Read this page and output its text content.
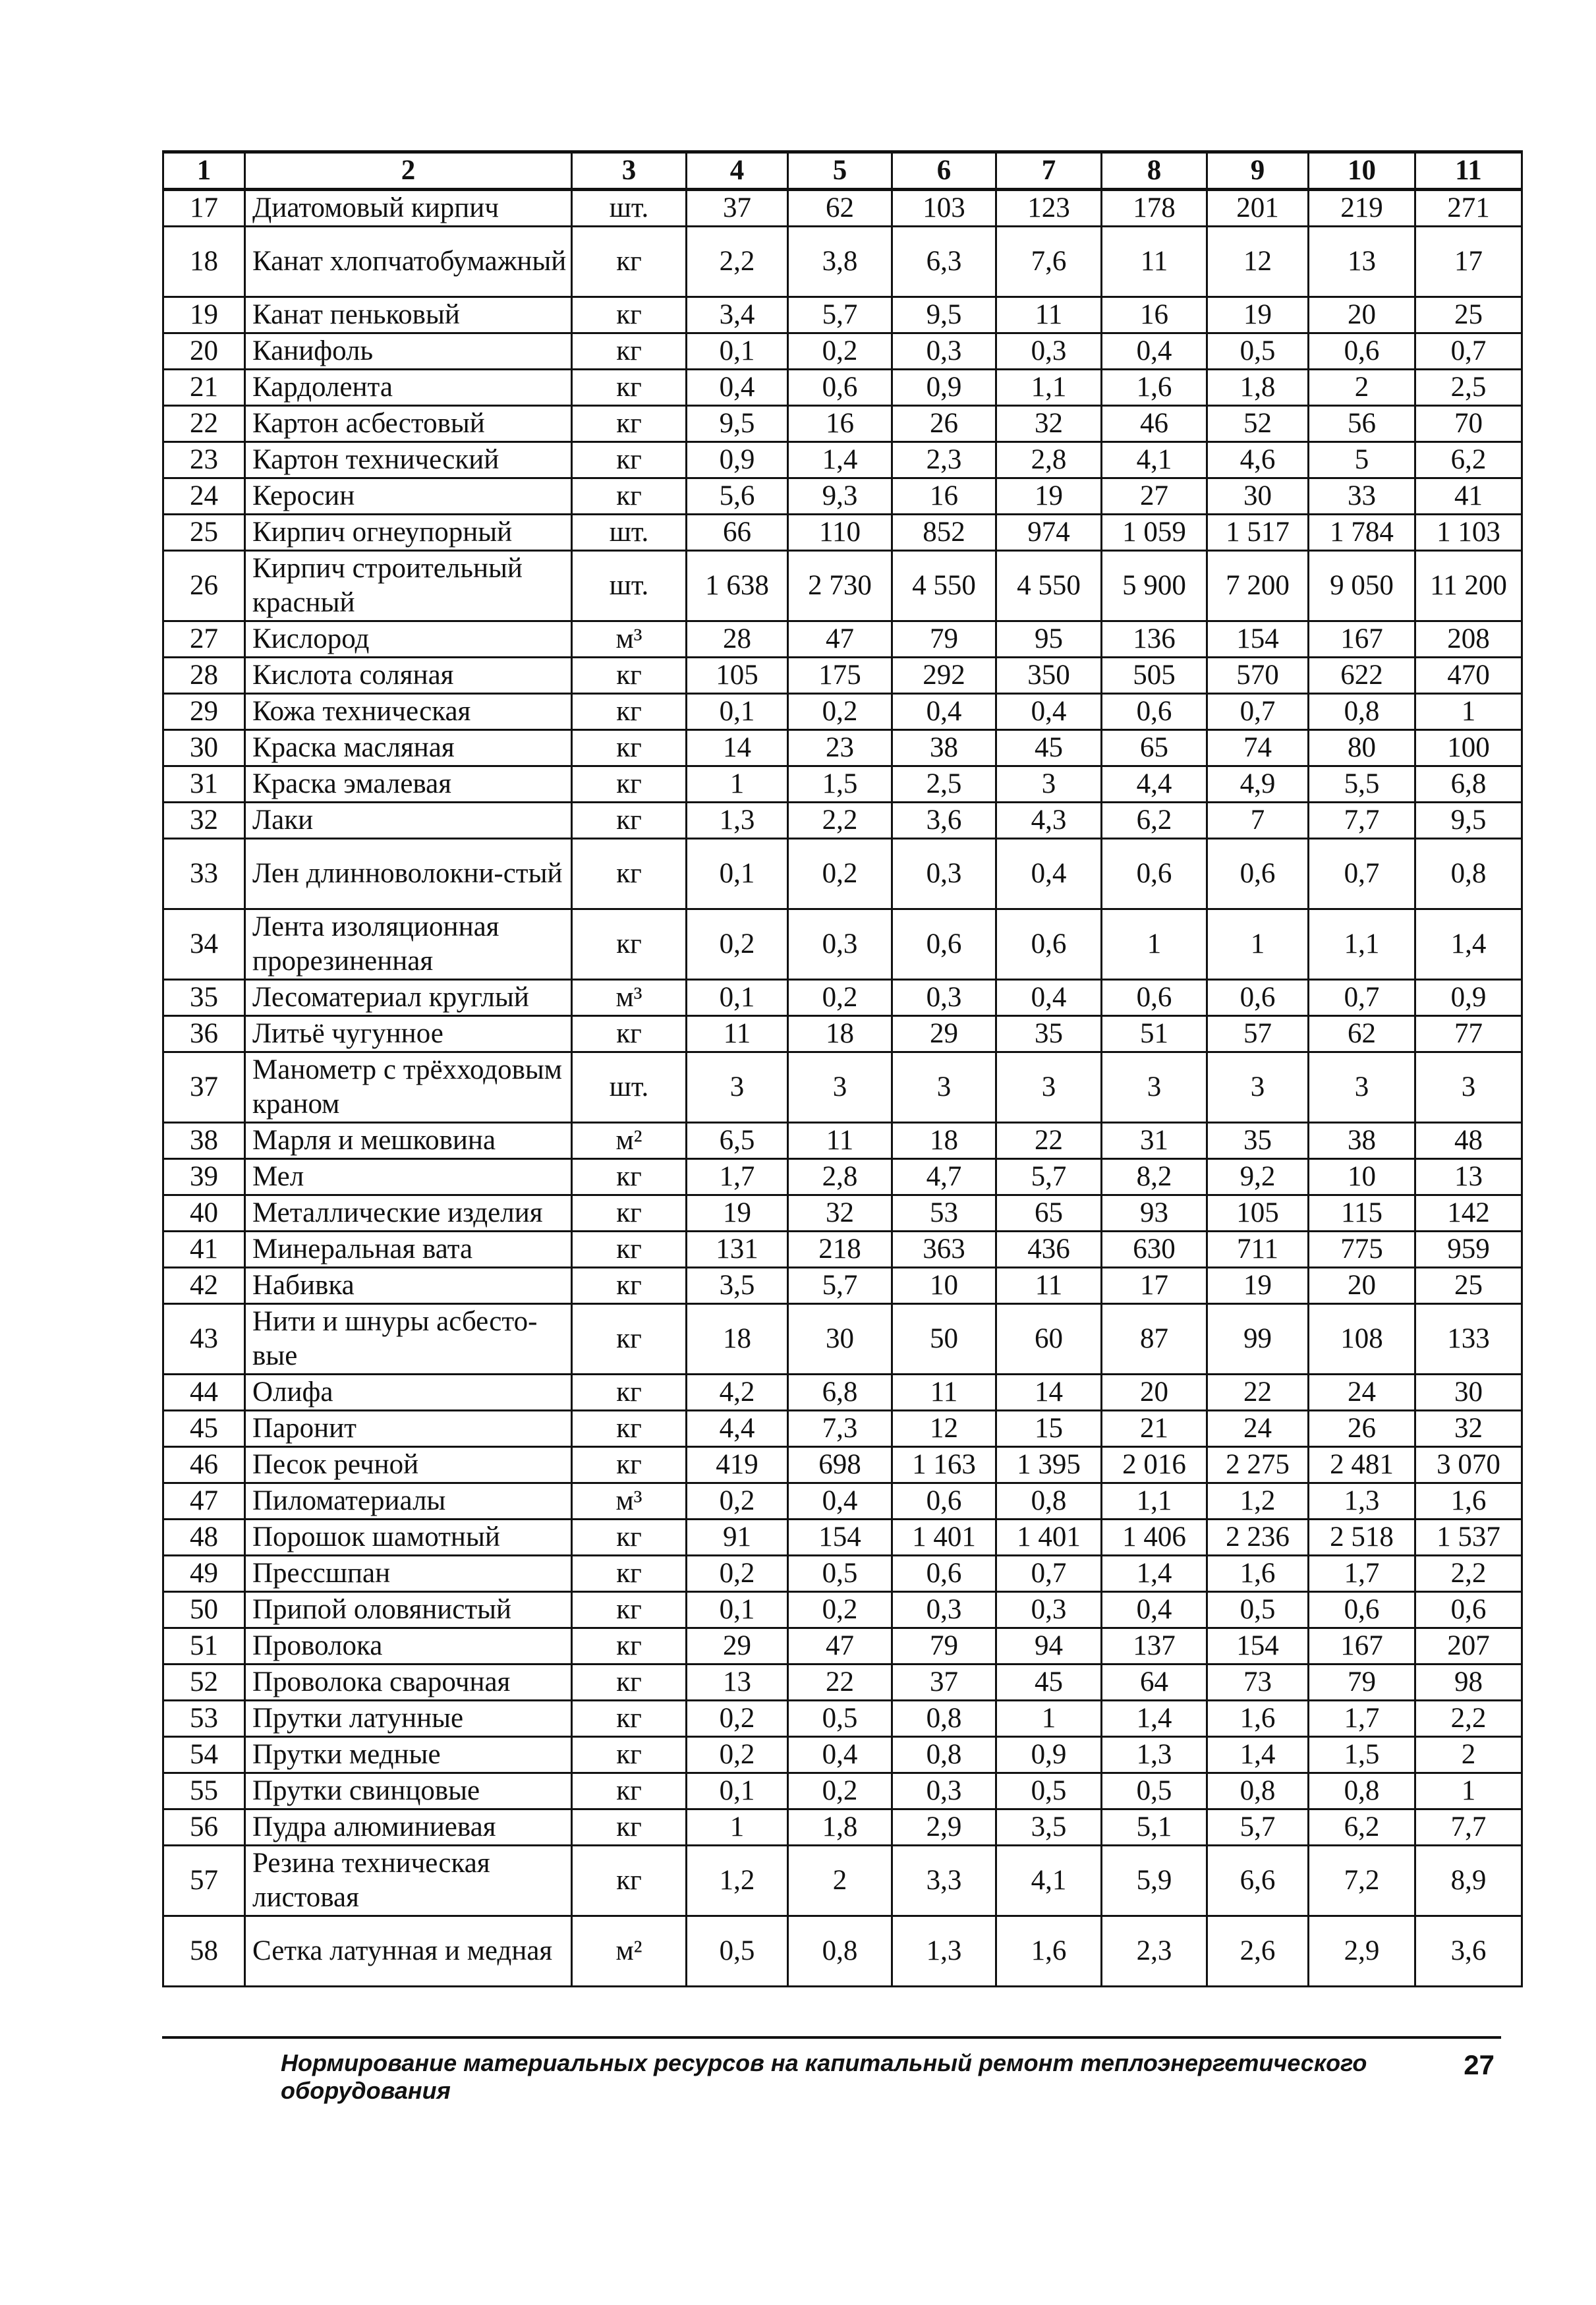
1	2	3	4	5	6	7	8	9	10	11
17	Диатомовый кирпич	шт.	37	62	103	123	178	201	219	271
18	Канат хлопчатобумажный	кг	2,2	3,8	6,3	7,6	11	12	13	17
19	Канат пеньковый	кг	3,4	5,7	9,5	11	16	19	20	25
20	Канифоль	кг	0,1	0,2	0,3	0,3	0,4	0,5	0,6	0,7
21	Кардолента	кг	0,4	0,6	0,9	1,1	1,6	1,8	2	2,5
22	Картон асбестовый	кг	9,5	16	26	32	46	52	56	70
23	Картон технический	кг	0,9	1,4	2,3	2,8	4,1	4,6	5	6,2
24	Керосин	кг	5,6	9,3	16	19	27	30	33	41
25	Кирпич огнеупорный	шт.	66	110	852	974	1 059	1 517	1 784	1 103
26	Кирпич строительный красный	шт.	1 638	2 730	4 550	4 550	5 900	7 200	9 050	11 200
27	Кислород	м³	28	47	79	95	136	154	167	208
28	Кислота соляная	кг	105	175	292	350	505	570	622	470
29	Кожа техническая	кг	0,1	0,2	0,4	0,4	0,6	0,7	0,8	1
30	Краска масляная	кг	14	23	38	45	65	74	80	100
31	Краска эмалевая	кг	1	1,5	2,5	3	4,4	4,9	5,5	6,8
32	Лаки	кг	1,3	2,2	3,6	4,3	6,2	7	7,7	9,5
33	Лен длинноволокни-стый	кг	0,1	0,2	0,3	0,4	0,6	0,6	0,7	0,8
34	Лента изоляционная прорезиненная	кг	0,2	0,3	0,6	0,6	1	1	1,1	1,4
35	Лесоматериал круглый	м³	0,1	0,2	0,3	0,4	0,6	0,6	0,7	0,9
36	Литьё чугунное	кг	11	18	29	35	51	57	62	77
37	Манометр с трёхходовым краном	шт.	3	3	3	3	3	3	3	3
38	Марля и мешковина	м²	6,5	11	18	22	31	35	38	48
39	Мел	кг	1,7	2,8	4,7	5,7	8,2	9,2	10	13
40	Металлические изделия	кг	19	32	53	65	93	105	115	142
41	Минеральная вата	кг	131	218	363	436	630	711	775	959
42	Набивка	кг	3,5	5,7	10	11	17	19	20	25
43	Нити и шнуры асбесто-вые	кг	18	30	50	60	87	99	108	133
44	Олифа	кг	4,2	6,8	11	14	20	22	24	30
45	Паронит	кг	4,4	7,3	12	15	21	24	26	32
46	Песок речной	кг	419	698	1 163	1 395	2 016	2 275	2 481	3 070
47	Пиломатериалы	м³	0,2	0,4	0,6	0,8	1,1	1,2	1,3	1,6
48	Порошок шамотный	кг	91	154	1 401	1 401	1 406	2 236	2 518	1 537
49	Прессшпан	кг	0,2	0,5	0,6	0,7	1,4	1,6	1,7	2,2
50	Припой оловянистый	кг	0,1	0,2	0,3	0,3	0,4	0,5	0,6	0,6
51	Проволока	кг	29	47	79	94	137	154	167	207
52	Проволока сварочная	кг	13	22	37	45	64	73	79	98
53	Прутки латунные	кг	0,2	0,5	0,8	1	1,4	1,6	1,7	2,2
54	Прутки медные	кг	0,2	0,4	0,8	0,9	1,3	1,4	1,5	2
55	Прутки свинцовые	кг	0,1	0,2	0,3	0,5	0,5	0,8	0,8	1
56	Пудра алюминиевая	кг	1	1,8	2,9	3,5	5,1	5,7	6,2	7,7
57	Резина техническая листовая	кг	1,2	2	3,3	4,1	5,9	6,6	7,2	8,9
58	Сетка латунная и медная	м²	0,5	0,8	1,3	1,6	2,3	2,6	2,9	3,6
Нормирование материальных ресурсов на капитальный ремонт теплоэнергетического оборудования
27
